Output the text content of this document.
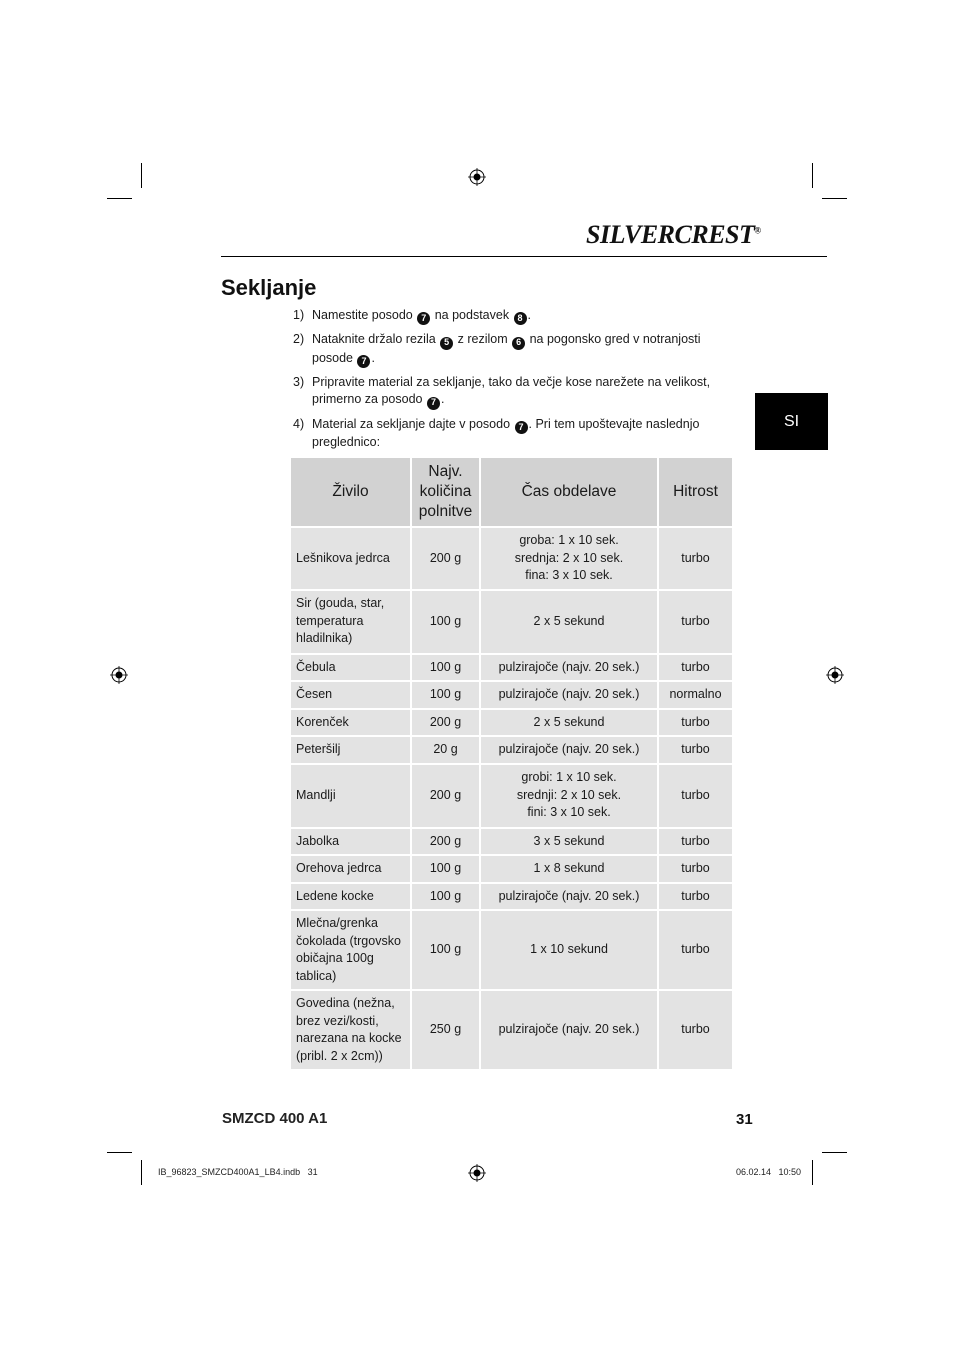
SILVERCREST®
Sekljanje
SI
1) Namestite posodo 7 na podstavek 8 .
2) Nataknite držalo rezila 5 z rezilom 6 na pogonsko gred v notranjosti posode 7 .
3) Pripravite material za sekljanje, tako da večje kose narežete na velikost, primerno za posodo 7 .
4) Material za sekljanje dajte v posodo 7 . Pri tem upoštevajte naslednjo preglednico:
Živilo	Najv. količina polnitve	Čas obdelave	Hitrost
Lešnikova jedrca	200 g	groba: 1 x 10 sek.
srednja: 2 x 10 sek.
fina: 3 x 10 sek.	turbo
Sir (gouda, star, temperatura hladilnika)	100 g	2 x 5 sekund	turbo
Čebula	100 g	pulzirajoče (najv. 20 sek.)	turbo
Česen	100 g	pulzirajoče (najv. 20 sek.)	normalno
Korenček	200 g	2 x 5 sekund	turbo
Peteršilj	20 g	pulzirajoče (najv. 20 sek.)	turbo
Mandlji	200 g	grobi: 1 x 10 sek.
srednji: 2 x 10 sek.
fini: 3 x 10 sek.	turbo
Jabolka	200 g	3 x 5 sekund	turbo
Orehova jedrca	100 g	1 x 8 sekund	turbo
Ledene kocke	100 g	pulzirajoče (najv. 20 sek.)	turbo
Mlečna/grenka čokolada (trgovsko običajna 100g tablica)	100 g	1 x 10 sekund	turbo
Govedina (nežna, brez vezi/kosti, narezana na kocke (pribl. 2 x 2cm))	250 g	pulzirajoče (najv. 20 sek.)	turbo
SMZCD 400 A1	31
IB_96823_SMZCD400A1_LB4.indb   31	06.02.14   10:50
